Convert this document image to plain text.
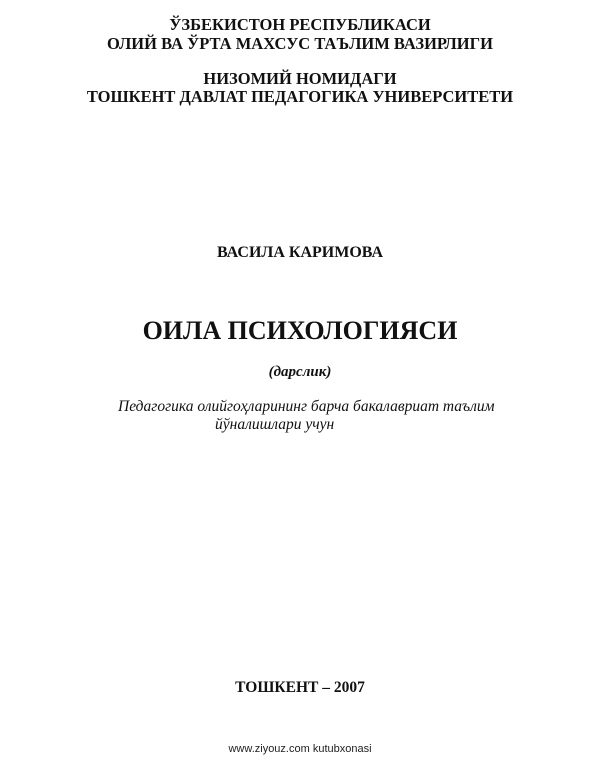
ЎЗБЕКИСТОН РЕСПУБЛИКАСИ
ОЛИЙ ВА ЎРТА МАХСУС ТАЪЛИМ ВАЗИРЛИГИ
НИЗОМИЙ НОМИДАГИ
ТОШКЕНТ ДАВЛАТ ПЕДАГОГИКА УНИВЕРСИТЕТИ
ВАСИЛА КАРИМОВА
ОИЛА ПСИХОЛОГИЯСИ
(дарслик)
Педагогика олийгоҳларининг барча бакалавриат таълим
йўналишлари учун
ТОШКЕНТ – 2007
www.ziyouz.com kutubxonasi
